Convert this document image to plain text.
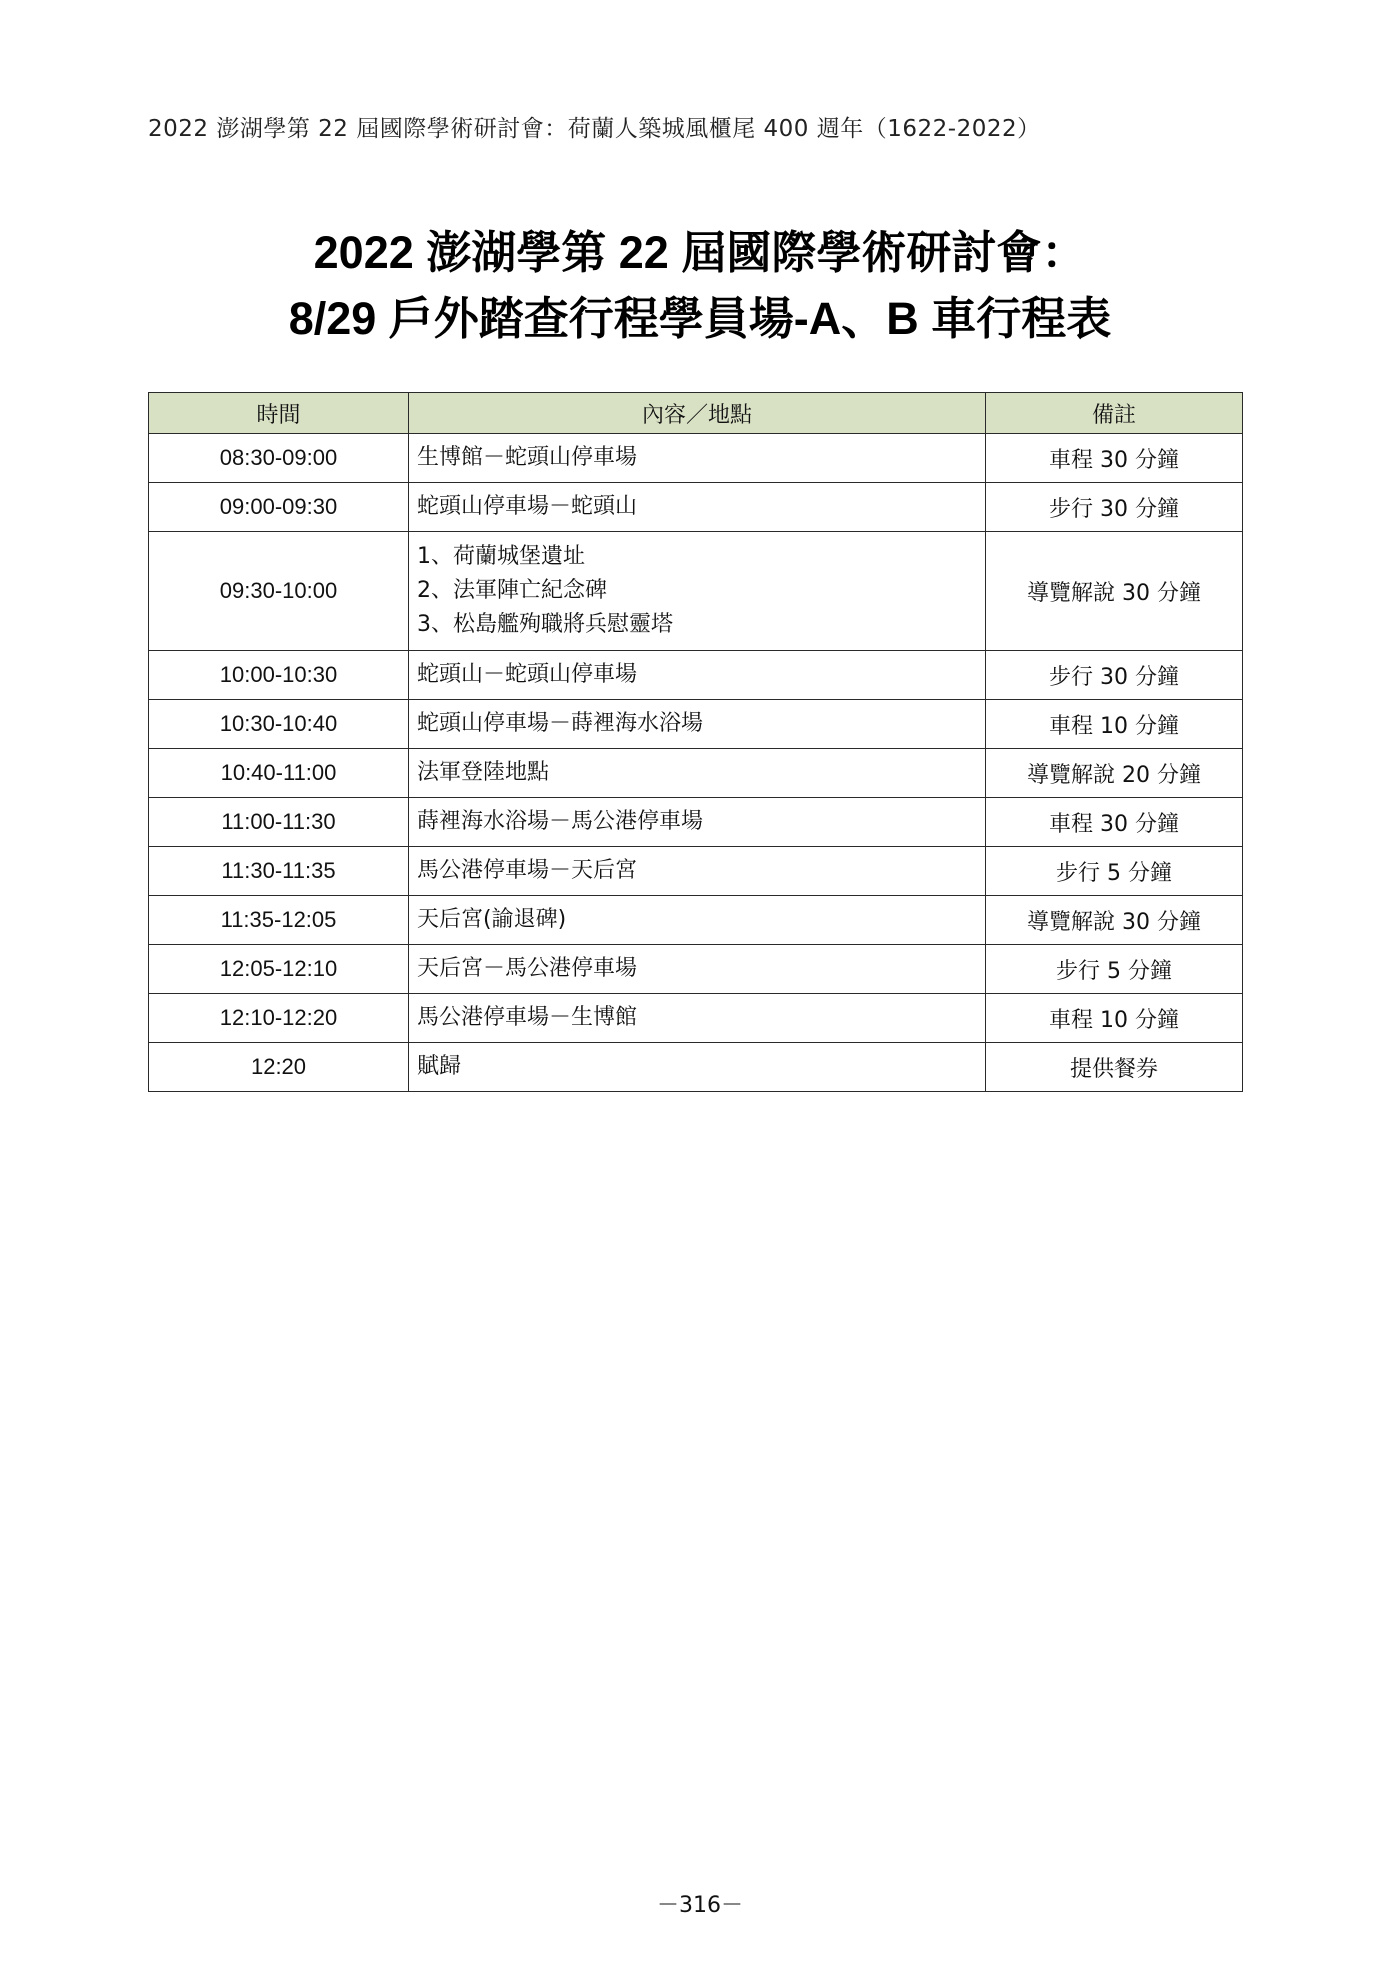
2022 澎湖學第 22 屆國際學術研討會：荷蘭人築城風櫃尾 400 週年（1622-2022）
2022 澎湖學第 22 屆國際學術研討會：
8/29 戶外踏查行程學員場-A、B 車行程表
時間	內容／地點	備註
08:30-09:00	生博館－蛇頭山停車場	車程 30 分鐘
09:00-09:30	蛇頭山停車場－蛇頭山	步行 30 分鐘
09:30-10:00	1、荷蘭城堡遺址
2、法軍陣亡紀念碑
3、松島艦殉職將兵慰靈塔	導覽解說 30 分鐘
10:00-10:30	蛇頭山－蛇頭山停車場	步行 30 分鐘
10:30-10:40	蛇頭山停車場－蒔裡海水浴場	車程 10 分鐘
10:40-11:00	法軍登陸地點	導覽解說 20 分鐘
11:00-11:30	蒔裡海水浴場－馬公港停車場	車程 30 分鐘
11:30-11:35	馬公港停車場－天后宮	步行 5 分鐘
11:35-12:05	天后宮(諭退碑)	導覽解說 30 分鐘
12:05-12:10	天后宮－馬公港停車場	步行 5 分鐘
12:10-12:20	馬公港停車場－生博館	車程 10 分鐘
12:20	賦歸	提供餐券
－316－
